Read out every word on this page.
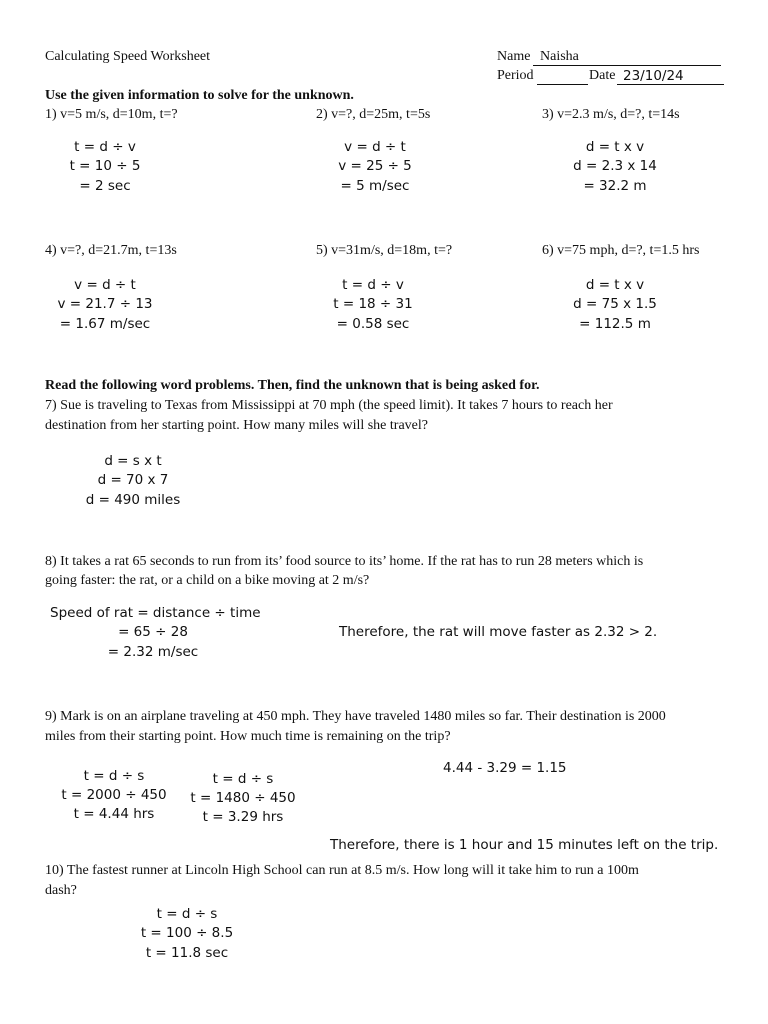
Calculating Speed Worksheet	Name Naisha
Period	Date 23/10/24
Use the given information to solve for the unknown.
1) v=5 m/s, d=10m, t=?
t = d ÷ v
t = 10 ÷ 5
= 2 sec
2) v=?, d=25m, t=5s
v = d ÷ t
v = 25 ÷ 5
= 5 m/sec
3) v=2.3 m/s, d=?, t=14s
d = t x v
d = 2.3 x 14
= 32.2 m
4) v=?, d=21.7m, t=13s
v = d ÷ t
v = 21.7 ÷ 13
= 1.67 m/sec
5) v=31m/s, d=18m, t=?
t = d ÷ v
t = 18 ÷ 31
= 0.58 sec
6) v=75 mph, d=?, t=1.5 hrs
d = t x v
d = 75 x 1.5
= 112.5 m
Read the following word problems. Then, find the unknown that is being asked for.
7) Sue is traveling to Texas from Mississippi at 70 mph (the speed limit). It takes 7 hours to reach her
destination from her starting point. How many miles will she travel?
d = s x t
d = 70 x 7
d = 490 miles
8) It takes a rat 65 seconds to run from its’ food source to its’ home. If the rat has to run 28 meters which is
going faster: the rat, or a child on a bike moving at 2 m/s?
Speed of rat = distance ÷ time
= 65 ÷ 28
= 2.32 m/sec
Therefore, the rat will move faster as 2.32 > 2.
9) Mark is on an airplane traveling at 450 mph. They have traveled 1480 miles so far. Their destination is 2000
miles from their starting point. How much time is remaining on the trip?
4.44 - 3.29 = 1.15
t = d ÷ s
t = 2000 ÷ 450
t = 4.44 hrs
t = d ÷ s
t = 1480 ÷ 450
t = 3.29 hrs
Therefore, there is 1 hour and 15 minutes left on the trip.
10) The fastest runner at Lincoln High School can run at 8.5 m/s. How long will it take him to run a 100m
dash?
t = d ÷ s
t = 100 ÷ 8.5
t = 11.8 sec
